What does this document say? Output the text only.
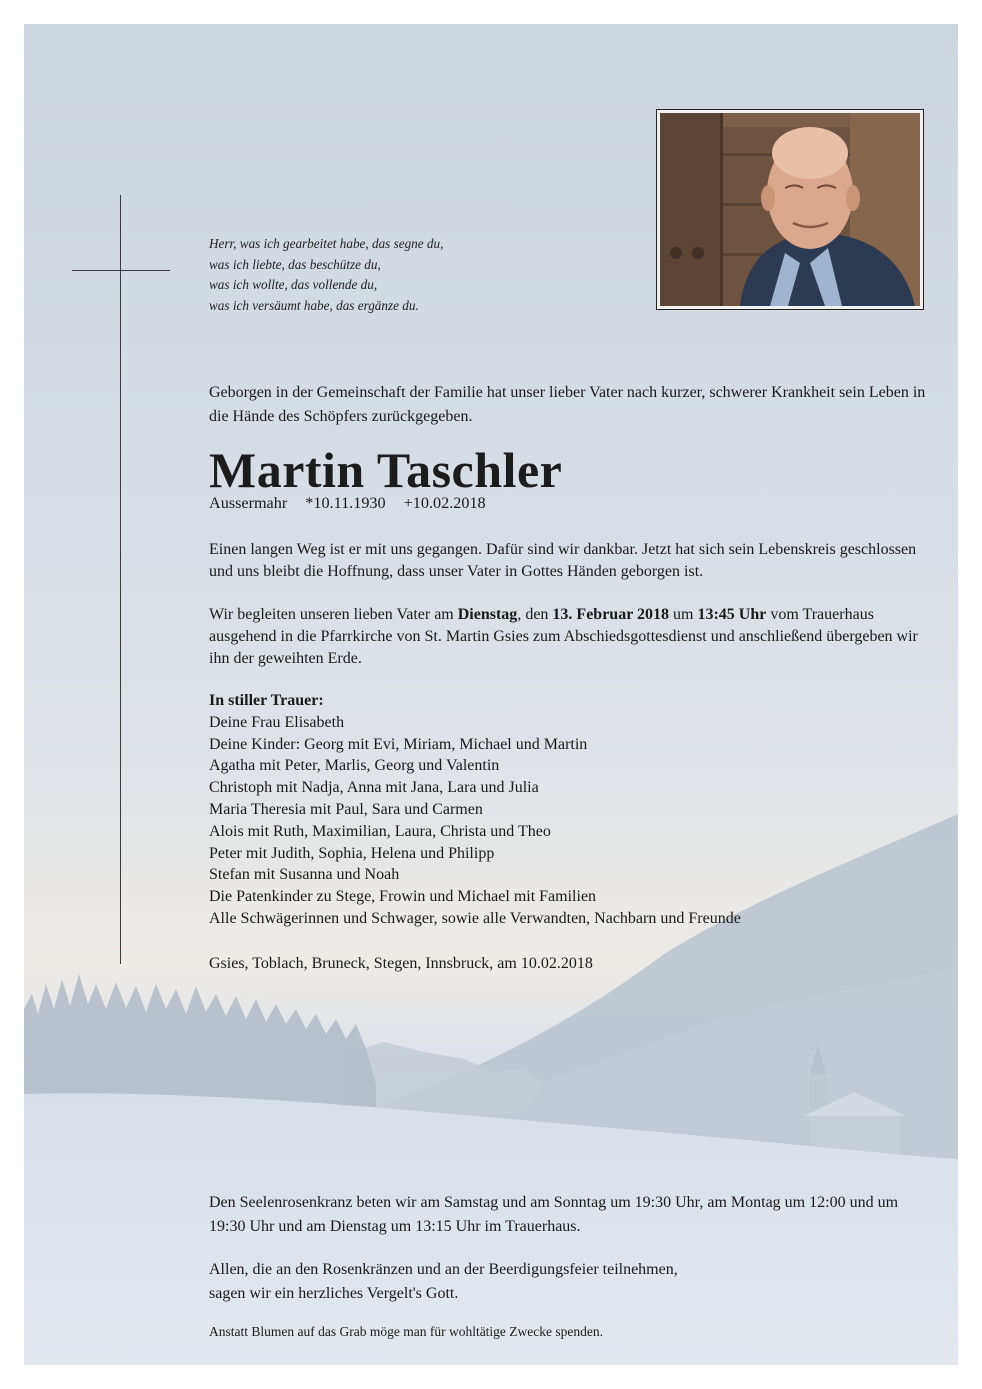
Herr, was ich gearbeitet habe, das segne du,
was ich liebte, das beschütze du,
was ich wollte, das vollende du,
was ich versäumt habe, das ergänze du.

Geborgen in der Gemeinschaft der Familie hat unser lieber Vater nach kurzer, schwerer Krankheit sein Leben in die Hände des Schöpfers zurückgegeben.

Martin Taschler
Aussermahr *10.11.1930 +10.02.2018

Einen langen Weg ist er mit uns gegangen. Dafür sind wir dankbar. Jetzt hat sich sein Lebenskreis geschlossen und uns bleibt die Hoffnung, dass unser Vater in Gottes Händen geborgen ist.

Wir begleiten unseren lieben Vater am Dienstag, den 13. Februar 2018 um 13:45 Uhr vom Trauerhaus ausgehend in die Pfarrkirche von St. Martin Gsies zum Abschiedsgottesdienst und anschließend übergeben wir ihn der geweihten Erde.

In stiller Trauer:
Deine Frau Elisabeth
Deine Kinder: Georg mit Evi, Miriam, Michael und Martin
Agatha mit Peter, Marlis, Georg und Valentin
Christoph mit Nadja, Anna mit Jana, Lara und Julia
Maria Theresia mit Paul, Sara und Carmen
Alois mit Ruth, Maximilian, Laura, Christa und Theo
Peter mit Judith, Sophia, Helena und Philipp
Stefan mit Susanna und Noah
Die Patenkinder zu Stege, Frowin und Michael mit Familien
Alle Schwägerinnen und Schwager, sowie alle Verwandten, Nachbarn und Freunde
Gsies, Toblach, Bruneck, Stegen, Innsbruck, am 10.02.2018

Den Seelenrosenkranz beten wir am Samstag und am Sonntag um 19:30 Uhr, am Montag um 12:00 und um 19:30 Uhr und am Dienstag um 13:15 Uhr im Trauerhaus.

Allen, die an den Rosenkränzen und an der Beerdigungsfeier teilnehmen,
sagen wir ein herzliches Vergelt's Gott.
Anstatt Blumen auf das Grab möge man für wohltätige Zwecke spenden.
